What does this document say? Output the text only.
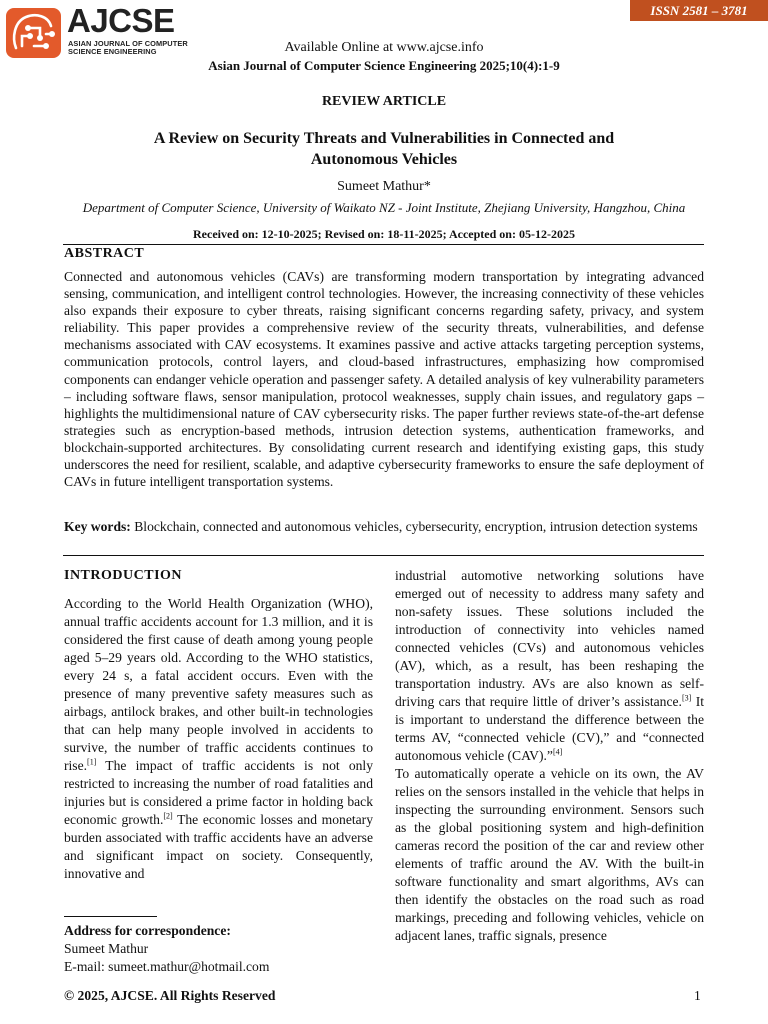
ISSN 2581 – 3781
AJCSE
ASIAN JOURNAL OF COMPUTER
SCIENCE ENGINEERING	Available Online at www.ajcse.info
Asian Journal of Computer Science Engineering 2025;10(4):1-9
REVIEW ARTICLE
A Review on Security Threats and Vulnerabilities in Connected and
Autonomous Vehicles
Sumeet Mathur*
Department of Computer Science, University of Waikato NZ - Joint Institute, Zhejiang University, Hangzhou, China
Received on: 12-10-2025; Revised on: 18-11-2025; Accepted on: 05-12-2025
ABSTRACT
Connected and autonomous vehicles (CAVs) are transforming modern transportation by integrating advanced sensing, communication, and intelligent control technologies. However, the increasing connectivity of these vehicles also expands their exposure to cyber threats, raising significant concerns regarding safety, privacy, and system reliability. This paper provides a comprehensive review of the security threats, vulnerabilities, and defense mechanisms associated with CAV ecosystems. It examines passive and active attacks targeting perception systems, communication protocols, control layers, and cloud-based infrastructures, emphasizing how compromised components can endanger vehicle operation and passenger safety. A detailed analysis of key vulnerability parameters – including software flaws, sensor manipulation, protocol weaknesses, supply chain issues, and regulatory gaps – highlights the multidimensional nature of CAV cybersecurity risks. The paper further reviews state-of-the-art defense strategies such as encryption-based methods, intrusion detection systems, authentication frameworks, and blockchain-supported architectures. By consolidating current research and identifying existing gaps, this study underscores the need for resilient, scalable, and adaptive cybersecurity frameworks to ensure the safe deployment of CAVs in future intelligent transportation systems.
Key words: Blockchain, connected and autonomous vehicles, cybersecurity, encryption, intrusion detection systems

INTRODUCTION

According to the World Health Organization (WHO), annual traffic accidents account for 1.3 million, and it is considered the first cause of death among young people aged 5–29 years old. According to the WHO statistics, every 24 s, a fatal accident occurs. Even with the presence of many preventive safety measures such as airbags, antilock brakes, and other built-in technologies that can help many people involved in accidents to survive, the number of traffic accidents continues to rise.[1] The impact of traffic accidents is not only restricted to increasing the number of road fatalities and injuries but is considered a prime factor in holding back economic growth.[2] The economic losses and monetary burden associated with traffic accidents have an adverse and significant impact on society. Consequently, innovative and

industrial automotive networking solutions have emerged out of necessity to address many safety and non-safety issues. These solutions included the introduction of connectivity into vehicles named connected vehicles (CVs) and autonomous vehicles (AV), which, as a result, has been reshaping the transportation industry. AVs are also known as self-driving cars that require little of driver’s assistance.[3] It is important to understand the difference between the terms AV, “connected vehicle (CV),” and “connected autonomous vehicle (CAV).”[4]

To automatically operate a vehicle on its own, the AV relies on the sensors installed in the vehicle that helps in inspecting the surrounding environment. Sensors such as the global positioning system and high-definition cameras record the position of the car and review other elements of traffic around the AV. With the built-in software functionality and smart algorithms, AVs can then identify the obstacles on the road such as road markings, preceding and following vehicles, vehicle on adjacent lanes, traffic signals, presence

Address for correspondence:
Sumeet Mathur
E-mail: sumeet.mathur@hotmail.com
© 2025, AJCSE. All Rights Reserved	1
